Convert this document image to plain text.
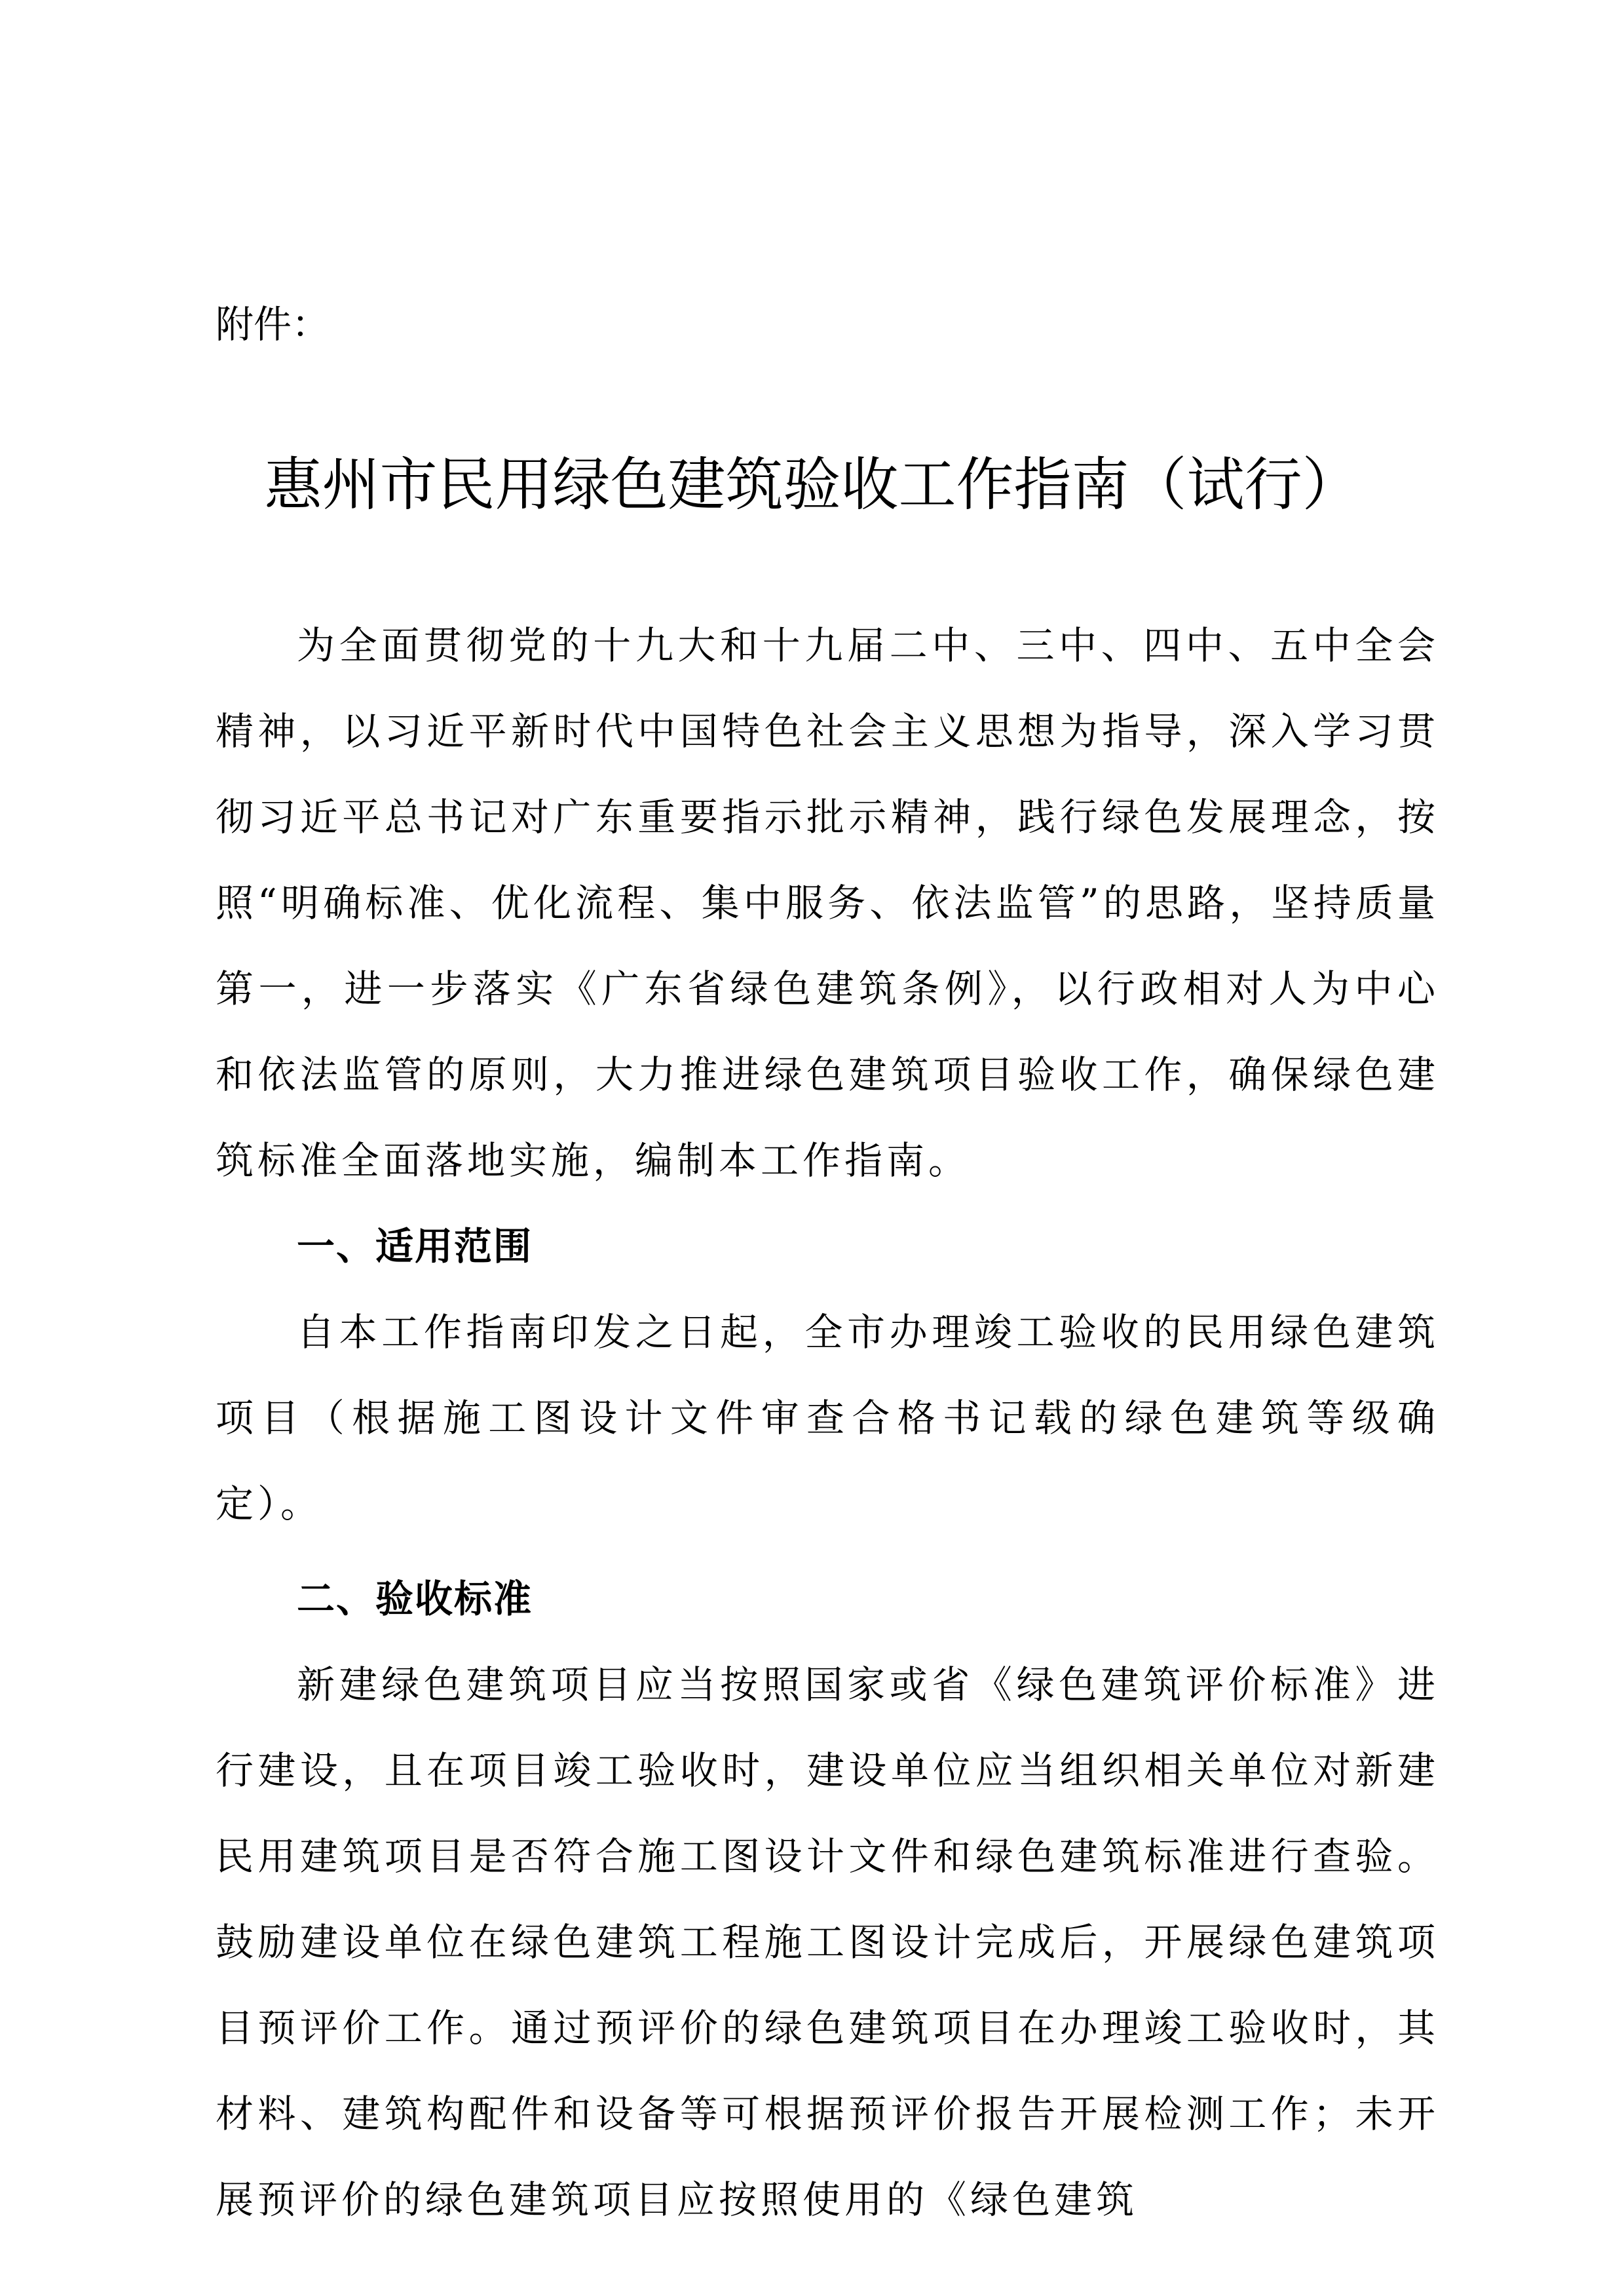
附件：
惠州市民用绿色建筑验收工作指南（试行）

为全面贯彻党的十九大和十九届二中、三中、四中、五中全会精神，以习近平新时代中国特色社会主义思想为指导，深入学习贯彻习近平总书记对广东重要指示批示精神，践行绿色发展理念，按照“明确标准、优化流程、集中服务、依法监管”的思路，坚持质量第一，进一步落实《广东省绿色建筑条例》，以行政相对人为中心和依法监管的原则，大力推进绿色建筑项目验收工作，确保绿色建筑标准全面落地实施，编制本工作指南。

一、适用范围

自本工作指南印发之日起，全市办理竣工验收的民用绿色建筑项目（根据施工图设计文件审查合格书记载的绿色建筑等级确定）。

二、验收标准

新建绿色建筑项目应当按照国家或省《绿色建筑评价标准》进行建设，且在项目竣工验收时，建设单位应当组织相关单位对新建民用建筑项目是否符合施工图设计文件和绿色建筑标准进行查验。鼓励建设单位在绿色建筑工程施工图设计完成后，开展绿色建筑项目预评价工作。通过预评价的绿色建筑项目在办理竣工验收时，其材料、建筑构配件和设备等可根据预评价报告开展检测工作；未开展预评价的绿色建筑项目应按照使用的《绿色建筑
